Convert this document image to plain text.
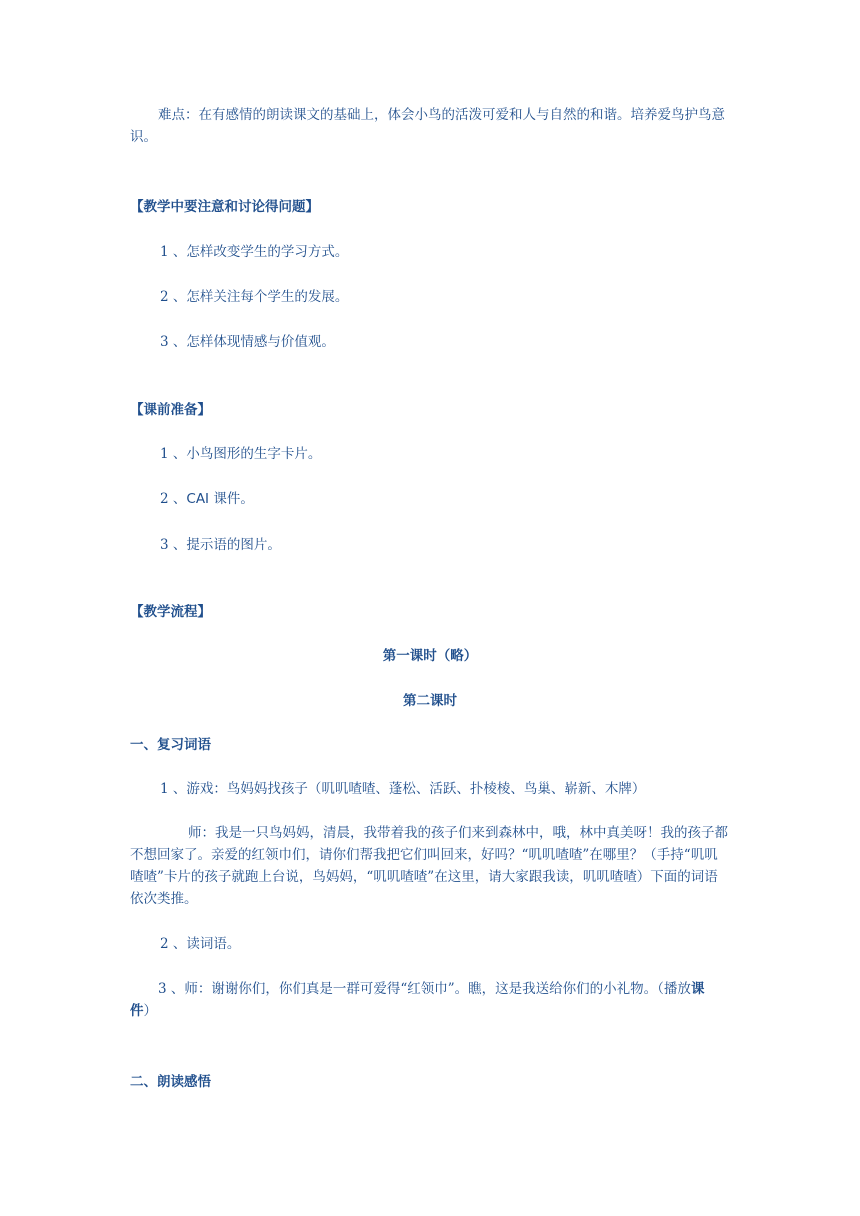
难点：在有感情的朗读课文的基础上，体会小鸟的活泼可爱和人与自然的和谐。培养爱鸟护鸟意识。

【教学中要注意和讨论得问题】

1 、怎样改变学生的学习方式。

2 、怎样关注每个学生的发展。

3 、怎样体现情感与价值观。

【课前准备】

1 、小鸟图形的生字卡片。

2 、CAI 课件。

3 、提示语的图片。

【教学流程】

第一课时（略）

第二课时

一、复习词语

1 、游戏：鸟妈妈找孩子（叽叽喳喳、蓬松、活跃、扑棱棱、鸟巢、崭新、木牌）

师：我是一只鸟妈妈，清晨，我带着我的孩子们来到森林中，哦，林中真美呀！我的孩子都不想回家了。亲爱的红领巾们，请你们帮我把它们叫回来，好吗？“叽叽喳喳”在哪里？（手持“叽叽喳喳”卡片的孩子就跑上台说，鸟妈妈，“叽叽喳喳”在这里，请大家跟我读，叽叽喳喳）下面的词语依次类推。

2 、读词语。

3 、师：谢谢你们，你们真是一群可爱得“红领巾”。瞧，这是我送给你们的小礼物。（播放课件）

二、朗读感悟
